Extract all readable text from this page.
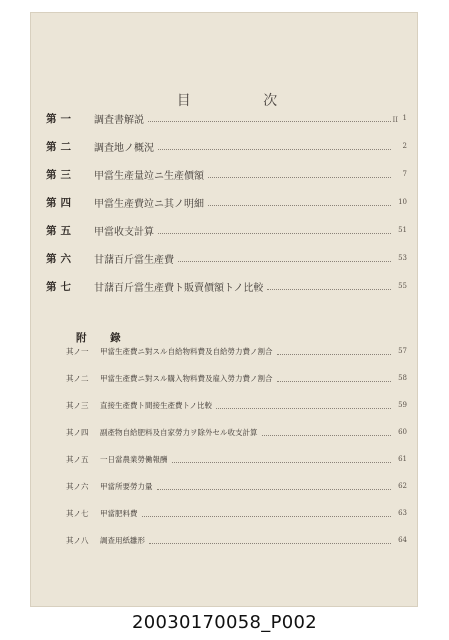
目 次
II
附 錄
第一	調査書解説	1
第二	調査地ノ概況	2
第三	甲當生產量竝ニ生產價額	7
第四	甲當生產費竝ニ其ノ明細	10
第五	甲當收支計算	51
第六	甘藷百斤當生產費	53
第七	甘藷百斤當生產費ト販賣價額トノ比較	55
其ノ一	甲當生產費ニ對スル自給物料費及自給勞力費ノ割合	57
其ノ二	甲當生產費ニ對スル購入物料費及雇入勞力費ノ割合	58
其ノ三	直接生產費ト間接生產費トノ比較	59
其ノ四	副產物自給肥料及自家勞力ヲ除外セル收支計算	60
其ノ五	一日當農業勞働報酬	61
其ノ六	甲當所要勞力量	62
其ノ七	甲當肥料費	63
其ノ八	調查用紙雛形	64
20030170058_P002
